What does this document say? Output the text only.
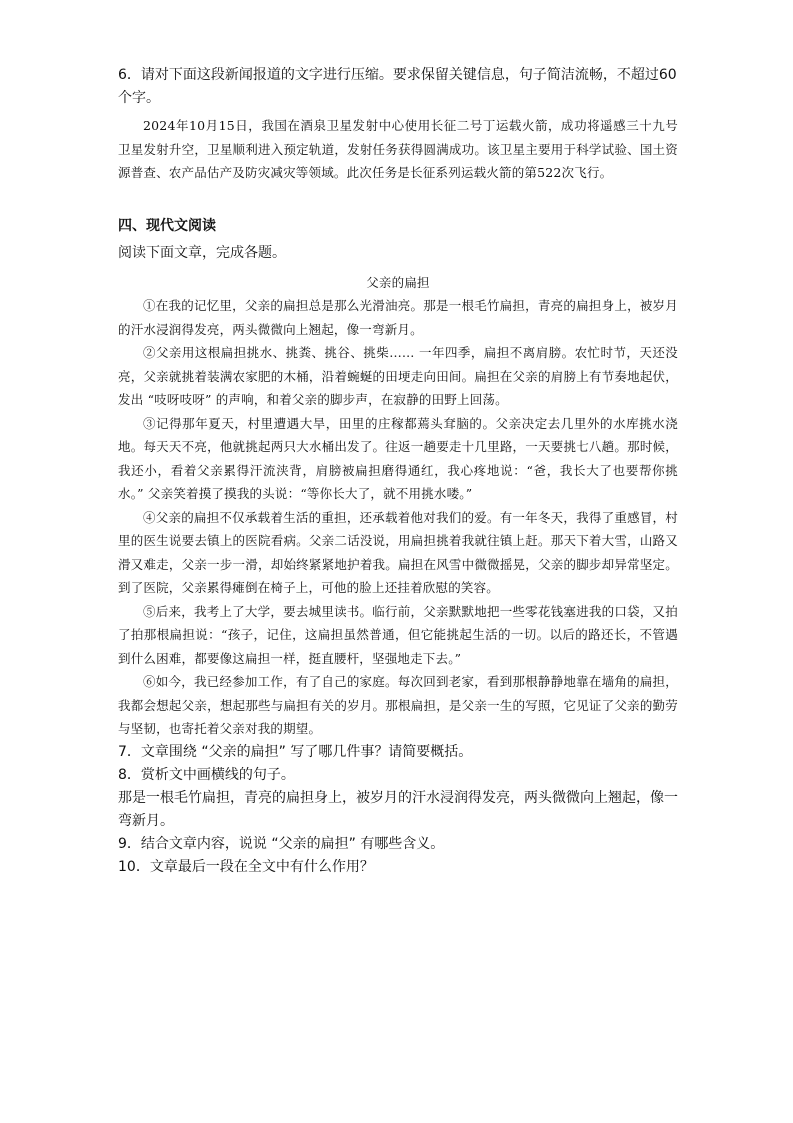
6．请对下面这段新闻报道的文字进行压缩。要求保留关键信息，句子简洁流畅，不超过60个字。

2024年10月15日，我国在酒泉卫星发射中心使用长征二号丁运载火箭，成功将遥感三十九号卫星发射升空，卫星顺利进入预定轨道，发射任务获得圆满成功。该卫星主要用于科学试验、国土资源普查、农产品估产及防灾减灾等领域。此次任务是长征系列运载火箭的第522次飞行。

四、现代文阅读

阅读下面文章，完成各题。

父亲的扁担

①在我的记忆里，父亲的扁担总是那么光滑油亮。那是一根毛竹扁担，青亮的扁担身上，被岁月的汗水浸润得发亮，两头微微向上翘起，像一弯新月。

②父亲用这根扁担挑水、挑粪、挑谷、挑柴…… 一年四季，扁担不离肩膀。农忙时节，天还没亮，父亲就挑着装满农家肥的木桶，沿着蜿蜒的田埂走向田间。扁担在父亲的肩膀上有节奏地起伏，发出 “吱呀吱呀” 的声响，和着父亲的脚步声，在寂静的田野上回荡。

③记得那年夏天，村里遭遇大旱，田里的庄稼都蔫头耷脑的。父亲决定去几里外的水库挑水浇地。每天天不亮，他就挑起两只大水桶出发了。往返一趟要走十几里路，一天要挑七八趟。那时候，我还小，看着父亲累得汗流浃背，肩膀被扁担磨得通红，我心疼地说：“爸，我长大了也要帮你挑水。” 父亲笑着摸了摸我的头说：“等你长大了，就不用挑水喽。”

④父亲的扁担不仅承载着生活的重担，还承载着他对我们的爱。有一年冬天，我得了重感冒，村里的医生说要去镇上的医院看病。父亲二话没说，用扁担挑着我就往镇上赶。那天下着大雪，山路又滑又难走，父亲一步一滑，却始终紧紧地护着我。扁担在风雪中微微摇晃，父亲的脚步却异常坚定。到了医院，父亲累得瘫倒在椅子上，可他的脸上还挂着欣慰的笑容。

⑤后来，我考上了大学，要去城里读书。临行前，父亲默默地把一些零花钱塞进我的口袋，又拍了拍那根扁担说：“孩子，记住，这扁担虽然普通，但它能挑起生活的一切。以后的路还长，不管遇到什么困难，都要像这扁担一样，挺直腰杆，坚强地走下去。”

⑥如今，我已经参加工作，有了自己的家庭。每次回到老家，看到那根静静地靠在墙角的扁担，我都会想起父亲，想起那些与扁担有关的岁月。那根扁担，是父亲一生的写照，它见证了父亲的勤劳与坚韧，也寄托着父亲对我的期望。

7．文章围绕 “父亲的扁担” 写了哪几件事？请简要概括。

8．赏析文中画横线的句子。

那是一根毛竹扁担，青亮的扁担身上，被岁月的汗水浸润得发亮，两头微微向上翘起，像一弯新月。

9．结合文章内容，说说 “父亲的扁担” 有哪些含义。

10．文章最后一段在全文中有什么作用？
